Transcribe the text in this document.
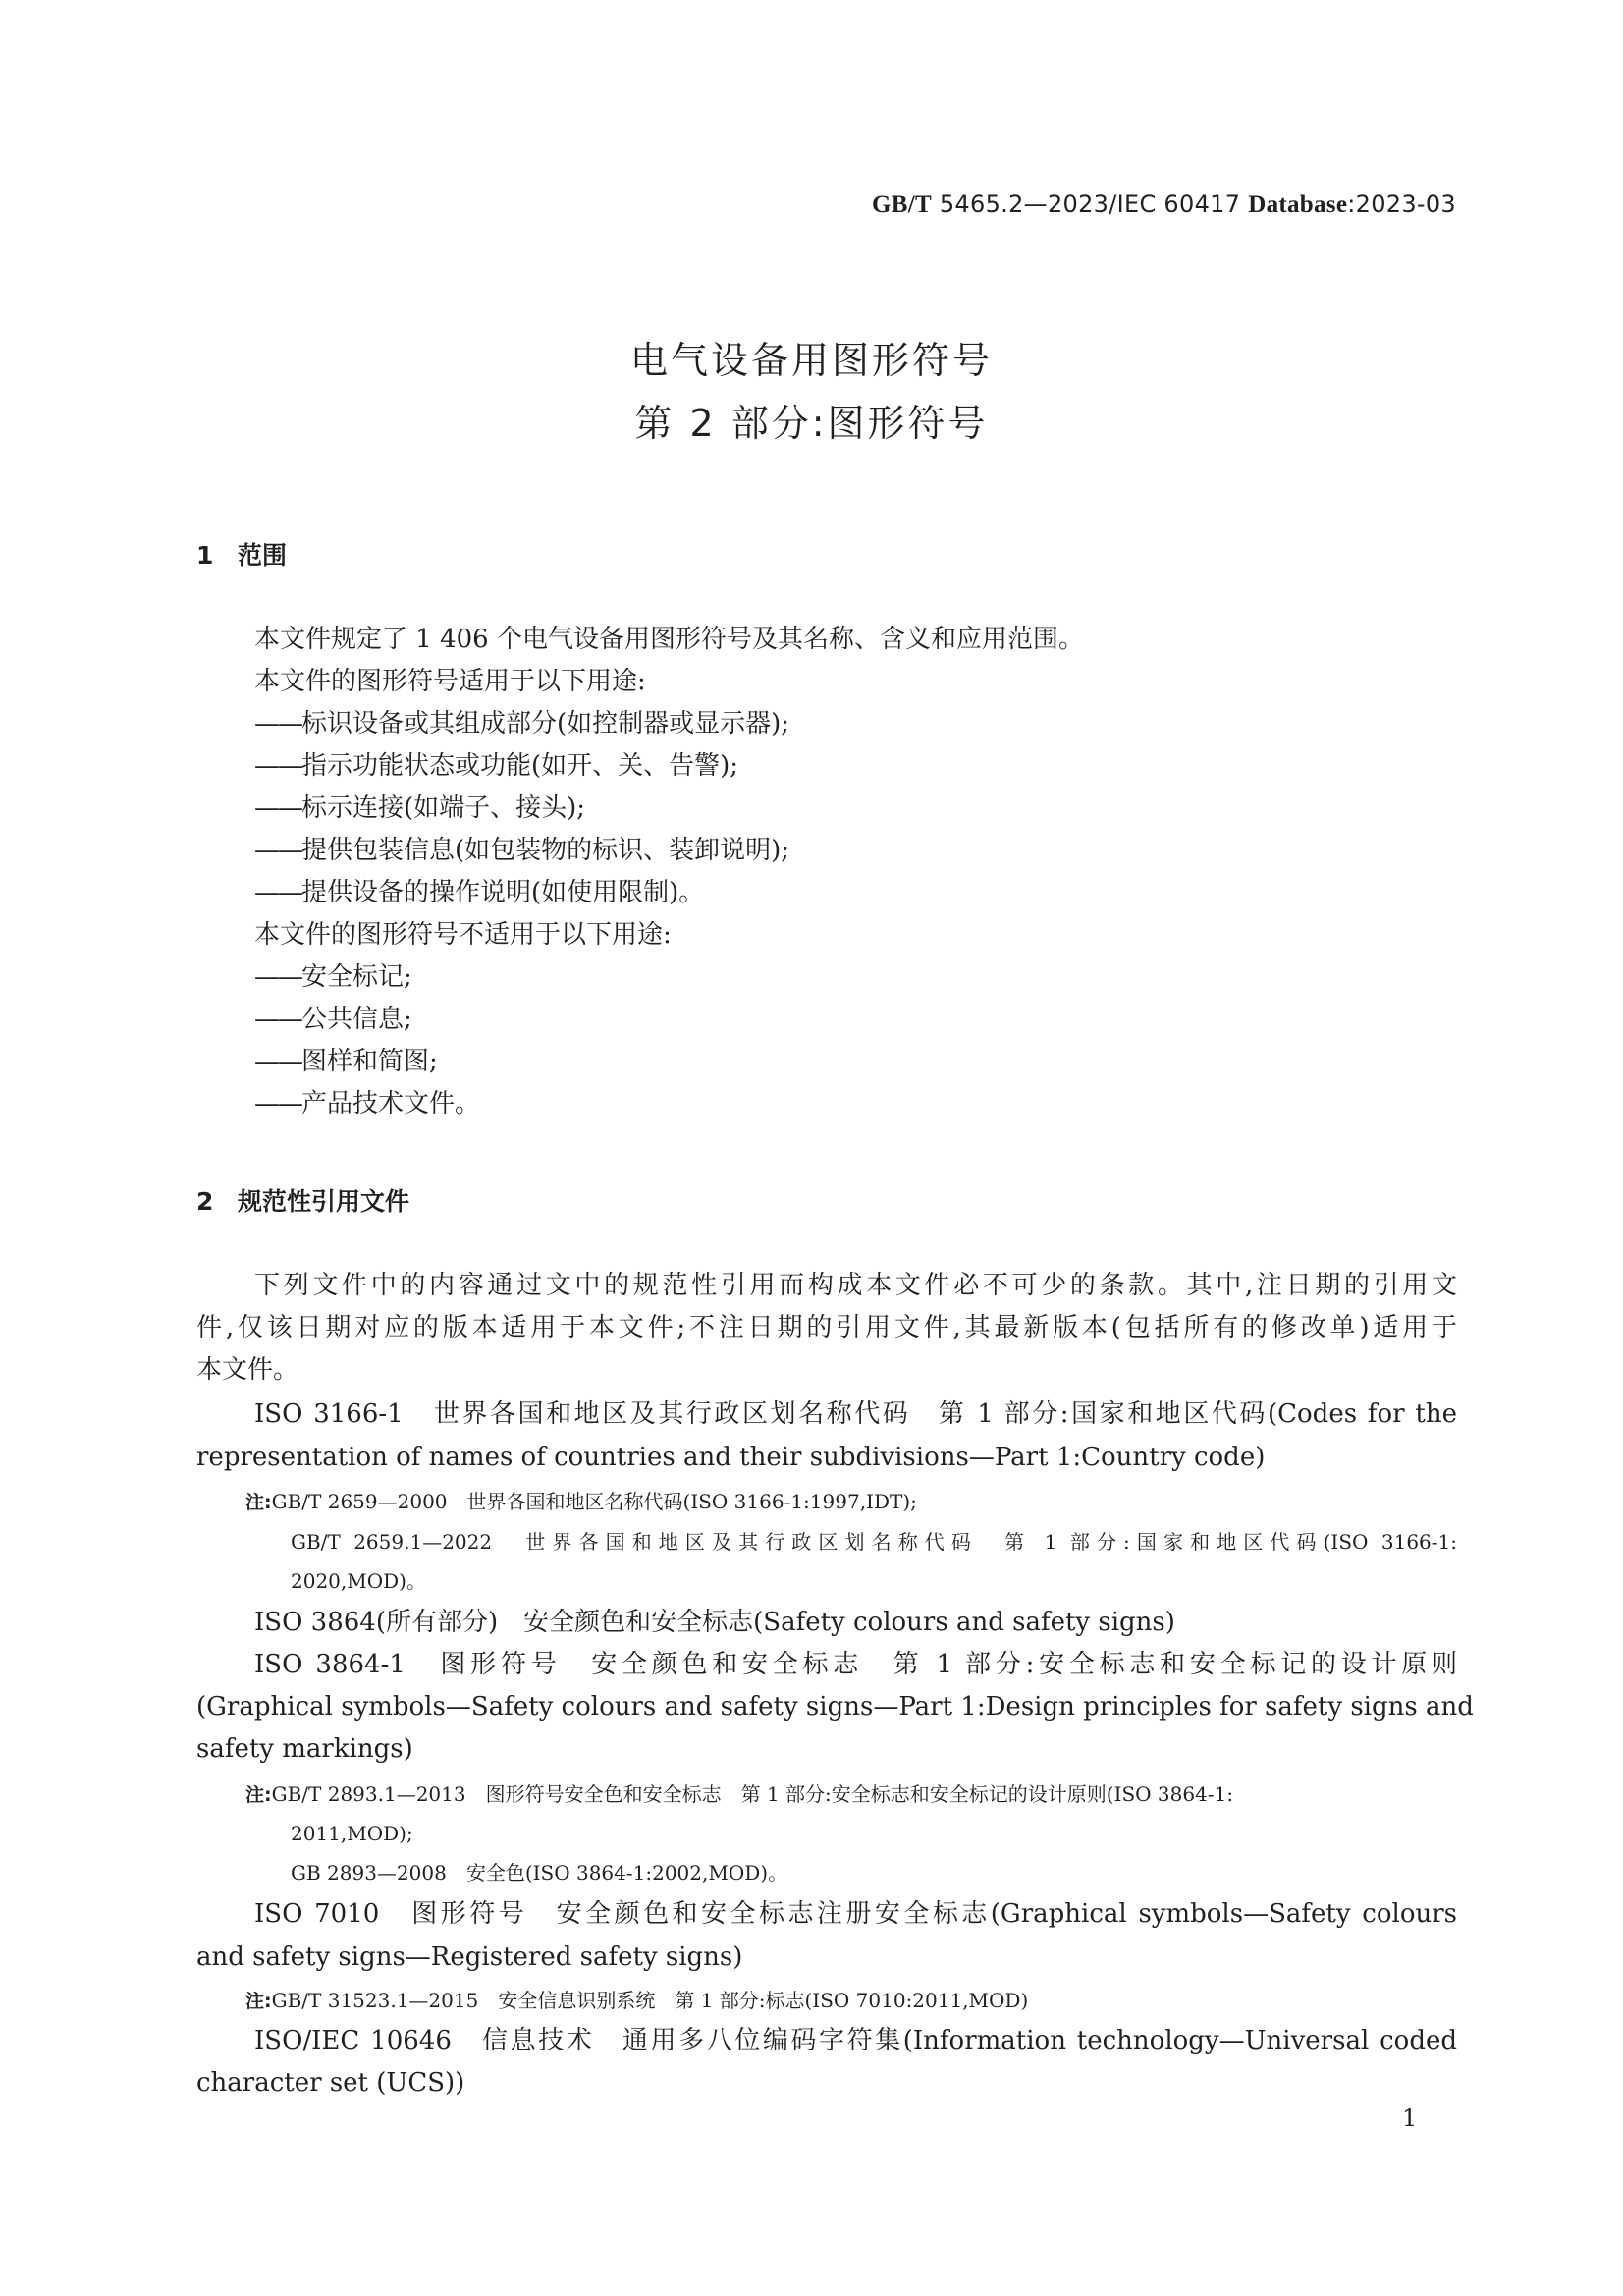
GB/T 5465.2—2023/IEC 60417 Database:2023-03
电气设备用图形符号
第 2 部分:图形符号
1 范围
本文件规定了 1 406 个电气设备用图形符号及其名称、含义和应用范围。
本文件的图形符号适用于以下用途:
—— 标识设备或其组成部分(如控制器或显示器);
—— 指示功能状态或功能(如开、关、告警);
—— 标示连接(如端子、接头);
—— 提供包装信息(如包装物的标识、装卸说明);
—— 提供设备的操作说明(如使用限制)。
本文件的图形符号不适用于以下用途:
—— 安全标记;
—— 公共信息;
—— 图样和简图;
—— 产品技术文件。
2 规范性引用文件
下列文件中的内容通过文中的规范性引用而构成本文件必不可少的条款。其中,注日期的引用文
件,仅该日期对应的版本适用于本文件;不注日期的引用文件,其最新版本(包括所有的修改单)适用于
本文件。
ISO 3166-1　世界各国和地区及其行政区划名称代码　第 1 部分:国家和地区代码(Codes for the
representation of names of countries and their subdivisions—Part 1:Country code)
注:GB/T 2659—2000　世界各国和地区名称代码(ISO 3166-1:1997,IDT);
GB/T 2659.1—2022　世界各国和地区及其行政区划名称代码　第 1 部分:国家和地区代码(ISO 3166-1:
2020,MOD)。
ISO 3864(所有部分)　安全颜色和安全标志(Safety colours and safety signs)
ISO 3864-1　图形符号　安全颜色和安全标志　第 1 部分:安全标志和安全标记的设计原则
(Graphical symbols—Safety colours and safety signs—Part 1:Design principles for safety signs and
safety markings)
注:GB/T 2893.1—2013　图形符号安全色和安全标志　第 1 部分:安全标志和安全标记的设计原则(ISO 3864-1:
2011,MOD);
GB 2893—2008　安全色(ISO 3864-1:2002,MOD)。
ISO 7010　图形符号　安全颜色和安全标志注册安全标志(Graphical symbols—Safety colours
and safety signs—Registered safety signs)
注:GB/T 31523.1—2015　安全信息识别系统　第 1 部分:标志(ISO 7010:2011,MOD)
ISO/IEC 10646　信息技术　通用多八位编码字符集(Information technology—Universal coded
character set (UCS))
1
